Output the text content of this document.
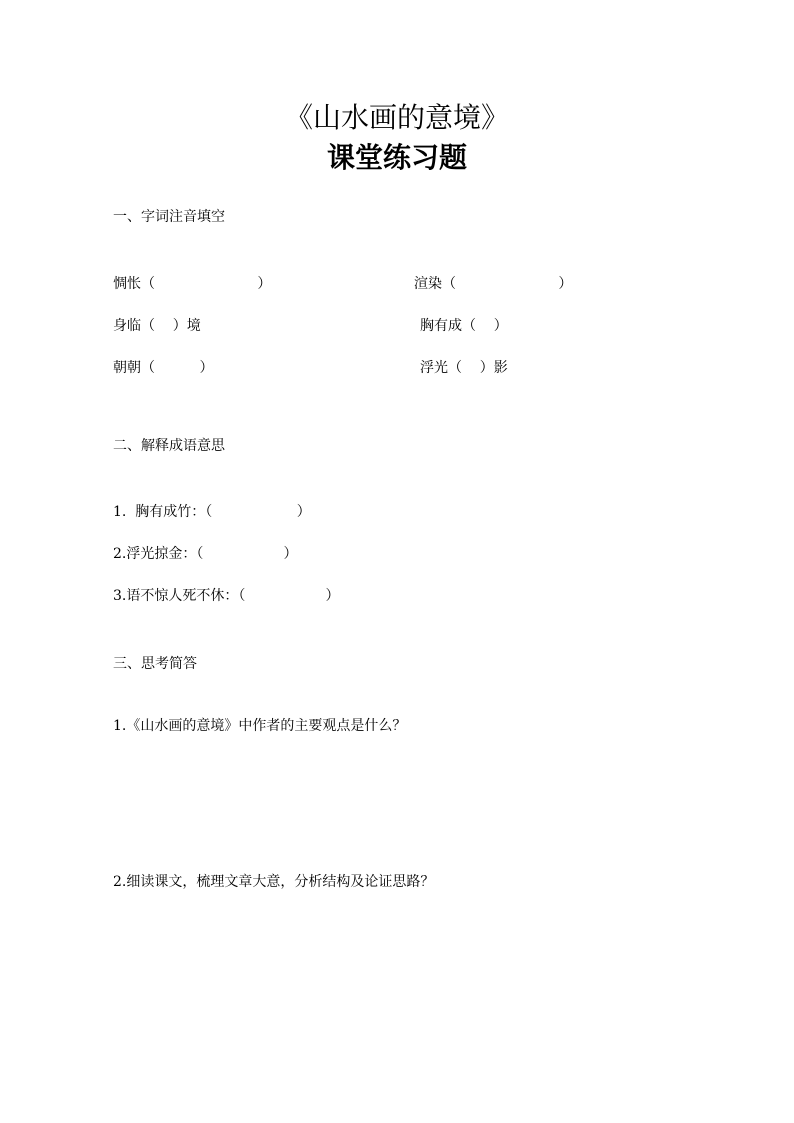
《山水画的意境》
课堂练习题
一、字词注音填空
惆怅（                       ）	渲染（                       ）
身临（    ）境	胸有成（    ）
朝朝（          ）	浮光（    ）影
二、解释成语意思
1.  胸有成竹：（                   ）
2.浮光掠金：（                  ）
3.语不惊人死不休：（                  ）
三、思考简答
1.《山水画的意境》中作者的主要观点是什么？
2.细读课文，梳理文章大意，分析结构及论证思路？
